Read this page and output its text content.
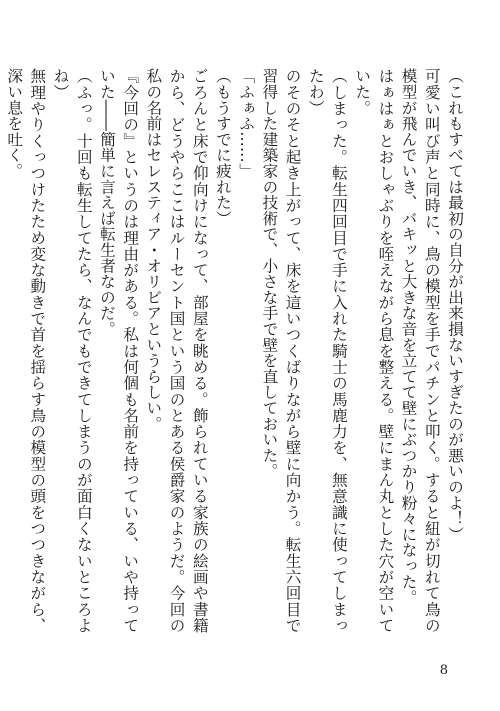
（これもすべては最初の自分が出来損ないすぎたのが悪いのよ！）
可愛い叫び声と同時に、鳥の模型を手でパチンと叩く。すると紐が切れて鳥の模型が飛んでいき、バキッと大きな音を立てて壁にぶつかり粉々になった。
はぁはぁとおしゃぶりを咥えながら息を整える。壁にまん丸とした穴が空いていた。
（しまった。転生四回目で手に入れた騎士の馬鹿力を、無意識に使ってしまったわ）
のそのそと起き上がって、床を這いつくばりながら壁に向かう。転生六回目で習得した建築家の技術で、小さな手で壁を直しておいた。
「ふぁふ……」
（もうすでに疲れた）
ごろんと床で仰向けになって、部屋を眺める。飾られている家族の絵画や書籍から、どうやらここはルーセント国という国のとある侯爵家のようだ。今回の私の名前はセレスティア・オリビアというらしい。
『今回の』というのは理由がある。私は何個も名前を持っている、いや持っていた――簡単に言えば転生者なのだ。
（ふっ。十回も転生してたら、なんでもできてしまうのが面白くないところよね）
無理やりくっつけたため変な動きで首を揺らす鳥の模型の頭をつつきながら、深い息を吐く。
8
